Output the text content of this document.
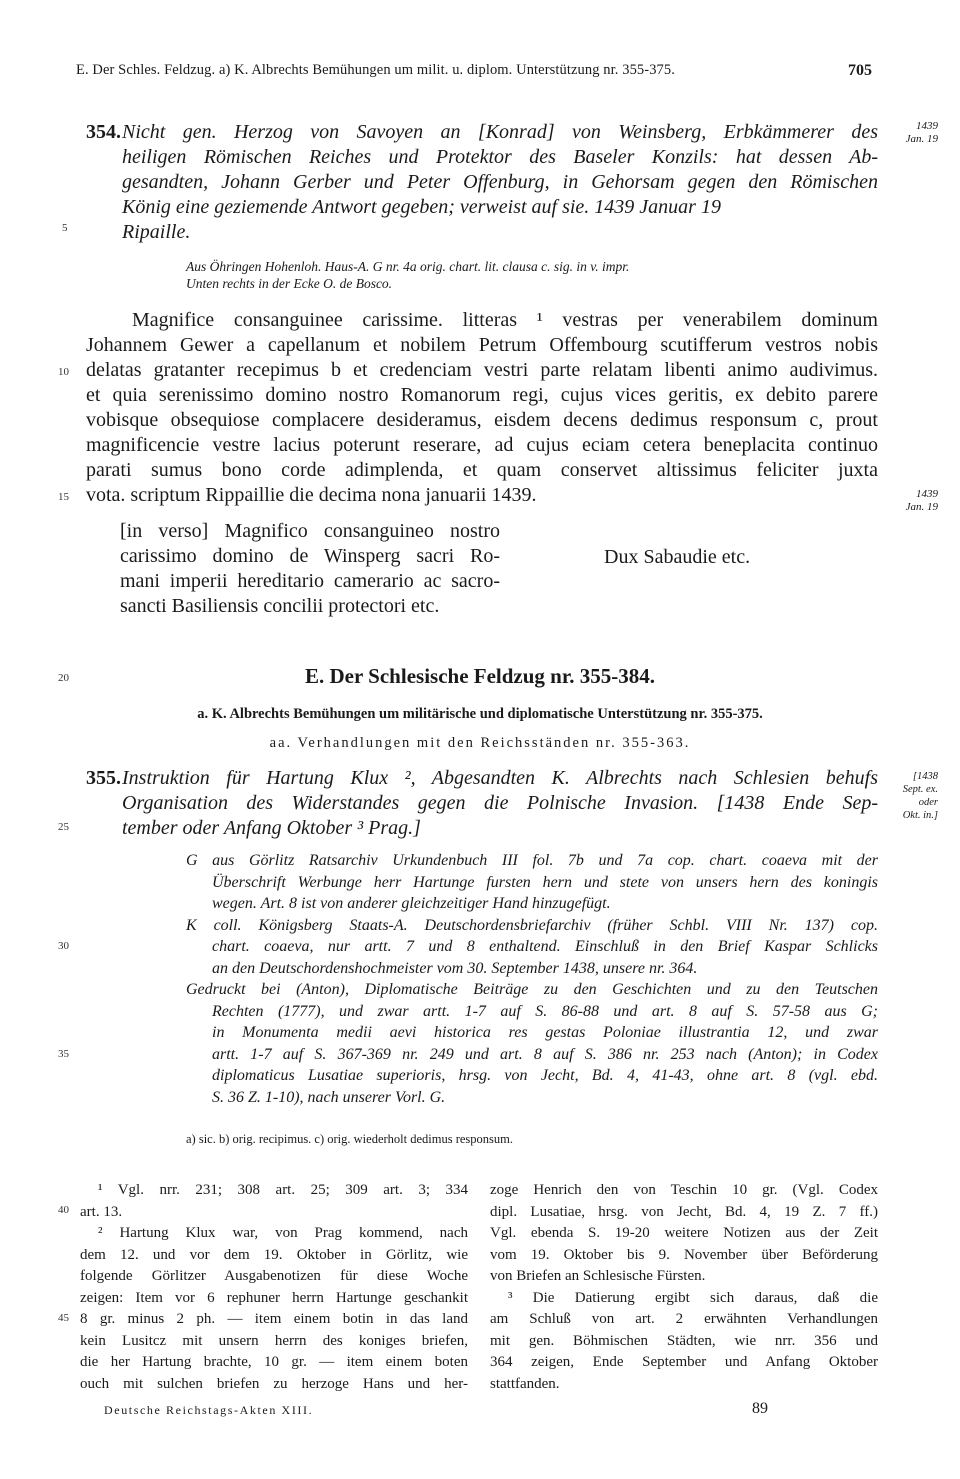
E. Der Schles. Feldzug. a) K. Albrechts Bemühungen um milit. u. diplom. Unterstützung nr. 355-375.	705
354. Nicht gen. Herzog von Savoyen an [Konrad] von Weinsberg, Erbkämmerer des
heiligen Römischen Reiches und Protektor des Baseler Konzils: hat dessen Ab-
gesandten, Johann Gerber und Peter Offenburg, in Gehorsam gegen den Römischen
König eine geziemende Antwort gegeben; verweist auf sie. 1439 Januar 19
Ripaille.
1439
Jan. 19
5
Aus Öhringen Hohenloh. Haus-A. G nr. 4a orig. chart. lit. clausa c. sig. in v. impr.
Unten rechts in der Ecke O. de Bosco.
Magnifice consanguinee carissime. litteras ¹ vestras per venerabilem dominum
Johannem Gewer a capellanum et nobilem Petrum Offembourg scutifferum vestros nobis
delatas gratanter recepimus b et credenciam vestri parte relatam libenti animo audivimus.
et quia serenissimo domino nostro Romanorum regi, cujus vices geritis, ex debito parere
vobisque obsequiose complacere desideramus, eisdem decens dedimus responsum c, prout
magnificencie vestre lacius poterunt reserare, ad cujus eciam cetera beneplacita continuo
parati sumus bono corde adimplenda, et quam conservet altissimus feliciter juxta
vota. scriptum Rippaillie die decima nona januarii 1439.
10
15	1439
Jan. 19
[in verso] Magnifico consanguineo nostro
carissimo domino de Winsperg sacri Ro-
mani imperii hereditario camerario ac sacro-
sancti Basiliensis concilii protectori etc.
Dux Sabaudie etc.
20	E. Der Schlesische Feldzug nr. 355-384.
a. K. Albrechts Bemühungen um militärische und diplomatische Unterstützung nr. 355-375.
aa. Verhandlungen mit den Reichsständen nr. 355-363.
355. Instruktion für Hartung Klux ², Abgesandten K. Albrechts nach Schlesien behufs
Organisation des Widerstandes gegen die Polnische Invasion. [1438 Ende Sep-
tember oder Anfang Oktober ³ Prag.]
[1438
Sept. ex.
oder
Okt. in.]
25
G aus Görlitz Ratsarchiv Urkundenbuch III fol. 7b und 7a cop. chart. coaeva mit der
Überschrift Werbunge herr Hartunge fursten hern und stete von unsers hern des koningis
wegen. Art. 8 ist von anderer gleichzeitiger Hand hinzugefügt.
K coll. Königsberg Staats-A. Deutschordensbriefarchiv (früher Schbl. VIII Nr. 137) cop.
chart. coaeva, nur artt. 7 und 8 enthaltend. Einschluß in den Brief Kaspar Schlicks
an den Deutschordenshochmeister vom 30. September 1438, unsere nr. 364.
Gedruckt bei (Anton), Diplomatische Beiträge zu den Geschichten und zu den Teutschen
Rechten (1777), und zwar artt. 1-7 auf S. 86-88 und art. 8 auf S. 57-58 aus G;
in Monumenta medii aevi historica res gestas Poloniae illustrantia 12, und zwar
artt. 1-7 auf S. 367-369 nr. 249 und art. 8 auf S. 386 nr. 253 nach (Anton); in Codex
diplomaticus Lusatiae superioris, hrsg. von Jecht, Bd. 4, 41-43, ohne art. 8 (vgl. ebd.
S. 36 Z. 1-10), nach unserer Vorl. G.
30
35
a) sic. b) orig. recipimus. c) orig. wiederholt dedimus responsum.
¹ Vgl. nrr. 231; 308 art. 25; 309 art. 3; 334
art. 13.
² Hartung Klux war, von Prag kommend, nach
dem 12. und vor dem 19. Oktober in Görlitz, wie
folgende Görlitzer Ausgabenotizen für diese Woche
zeigen: Item vor 6 rephuner herrn Hartunge geschankit
8 gr. minus 2 ph. — item einem botin in das land
kein Lusitcz mit unsern herrn des koniges briefen,
die her Hartung brachte, 10 gr. — item einem boten
ouch mit sulchen briefen zu herzoge Hans und her-
40
45
zoge Henrich den von Teschin 10 gr. (Vgl. Codex
dipl. Lusatiae, hrsg. von Jecht, Bd. 4, 19 Z. 7 ff.)
Vgl. ebenda S. 19-20 weitere Notizen aus der Zeit
vom 19. Oktober bis 9. November über Beförderung
von Briefen an Schlesische Fürsten.
³ Die Datierung ergibt sich daraus, daß die
am Schluß von art. 2 erwähnten Verhandlungen
mit gen. Böhmischen Städten, wie nrr. 356 und
364 zeigen, Ende September und Anfang Oktober
stattfanden.
Deutsche Reichstags-Akten XIII.	89
